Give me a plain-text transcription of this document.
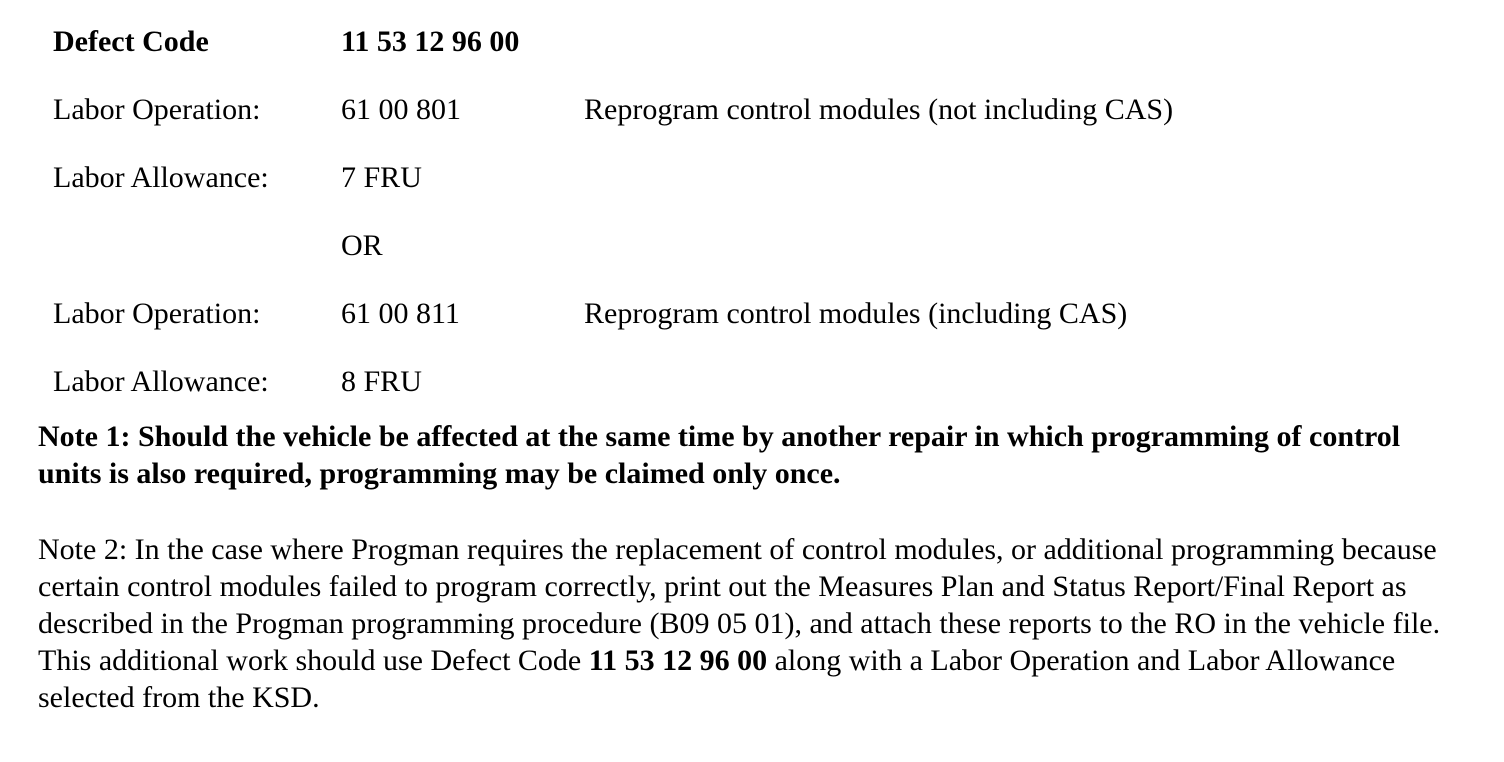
Defect Code	11 53 12 96 00
Labor Operation:	61 00 801	Reprogram control modules (not including CAS)
Labor Allowance: 7 FRU
OR
Labor Operation:	61 00 811	Reprogram control modules (including CAS)
Labor Allowance: 8 FRU
Note 1: Should the vehicle be affected at the same time by another repair in which programming of control units is also required, programming may be claimed only once.
Note 2: In the case where Progman requires the replacement of control modules, or additional programming because certain control modules failed to program correctly, print out the Measures Plan and Status Report/Final Report as described in the Progman programming procedure (B09 05 01), and attach these reports to the RO in the vehicle file. This additional work should use Defect Code 11 53 12 96 00 along with a Labor Operation and Labor Allowance selected from the KSD.
